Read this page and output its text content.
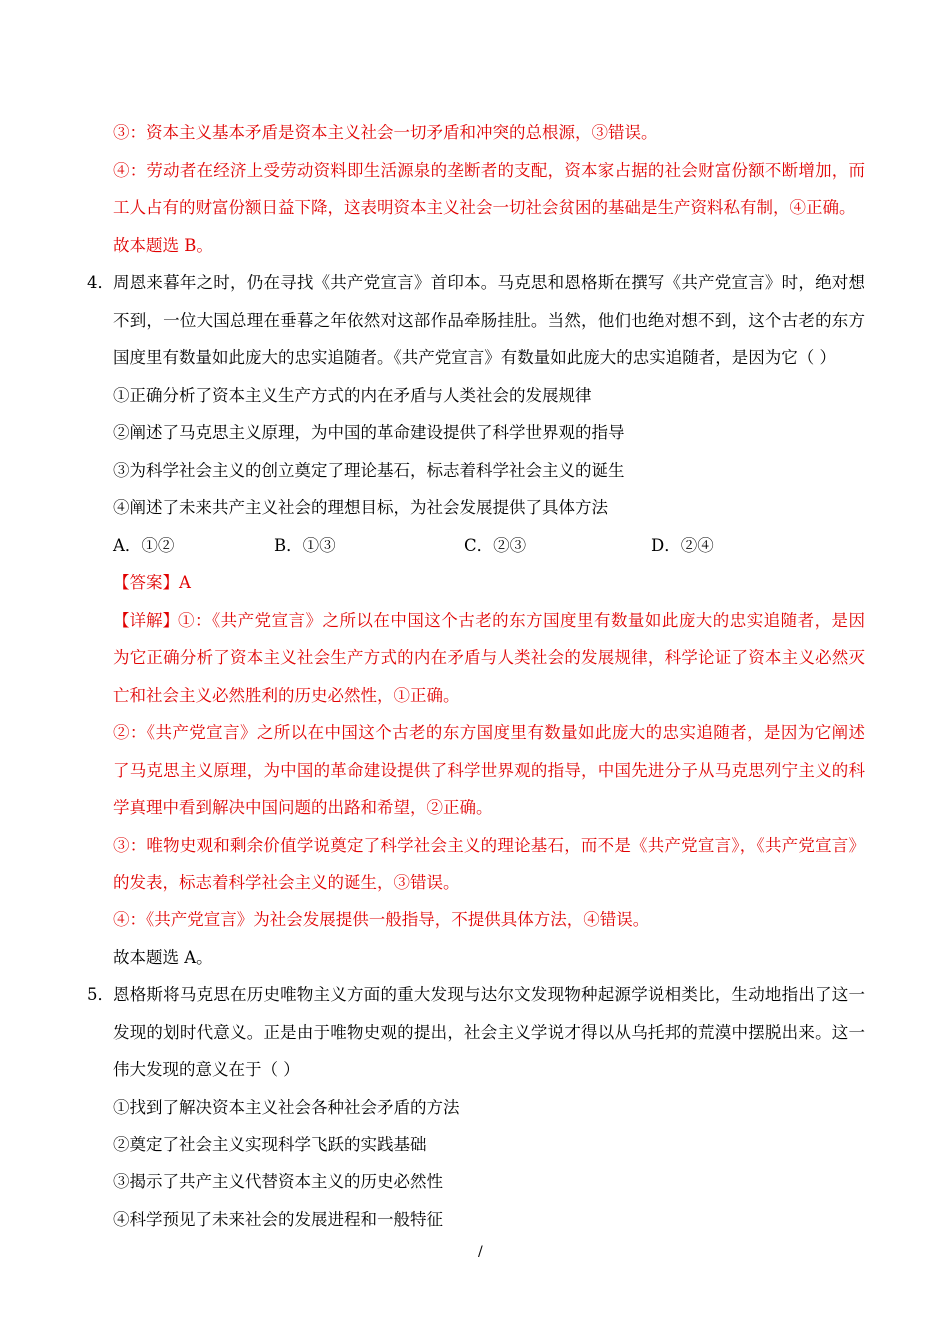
③：资本主义基本矛盾是资本主义社会一切矛盾和冲突的总根源，③错误。
④：劳动者在经济上受劳动资料即生活源泉的垄断者的支配，资本家占据的社会财富份额不断增加，而
工人占有的财富份额日益下降，这表明资本主义社会一切社会贫困的基础是生产资料私有制，④正确。
故本题选 B。
4． 周恩来暮年之时，仍在寻找《共产党宣言》首印本。马克思和恩格斯在撰写《共产党宣言》时，绝对想
不到，一位大国总理在垂暮之年依然对这部作品牵肠挂肚。当然，他们也绝对想不到，这个古老的东方
国度里有数量如此庞大的忠实追随者。《共产党宣言》有数量如此庞大的忠实追随者，是因为它（ ）
①正确分析了资本主义生产方式的内在矛盾与人类社会的发展规律
②阐述了马克思主义原理，为中国的革命建设提供了科学世界观的指导
③为科学社会主义的创立奠定了理论基石，标志着科学社会主义的诞生
④阐述了未来共产主义社会的理想目标，为社会发展提供了具体方法
A．①②	B．①③	C．②③	D．②④
【答案】A
【详解】 ①：《共产党宣言》之所以在中国这个古老的东方国度里有数量如此庞大的忠实追随者，是因
为它正确分析了资本主义社会生产方式的内在矛盾与人类社会的发展规律，科学论证了资本主义必然灭
亡和社会主义必然胜利的历史必然性，①正确。
②：《共产党宣言》之所以在中国这个古老的东方国度里有数量如此庞大的忠实追随者，是因为它阐述
了马克思主义原理，为中国的革命建设提供了科学世界观的指导，中国先进分子从马克思列宁主义的科
学真理中看到解决中国问题的出路和希望，②正确。
③：唯物史观和剩余价值学说奠定了科学社会主义的理论基石，而不是《共产党宣言》，《共产党宣言》
的发表，标志着科学社会主义的诞生，③错误。
④：《共产党宣言》为社会发展提供一般指导，不提供具体方法，④错误。
故本题选 A。
5． 恩格斯将马克思在历史唯物主义方面的重大发现与达尔文发现物种起源学说相类比，生动地指出了这一
发现的划时代意义。正是由于唯物史观的提出，社会主义学说才得以从乌托邦的荒漠中摆脱出来。这一
伟大发现的意义在于（ ）
①找到了解决资本主义社会各种社会矛盾的方法
②奠定了社会主义实现科学飞跃的实践基础
③揭示了共产主义代替资本主义的历史必然性
④科学预见了未来社会的发展进程和一般特征
/
